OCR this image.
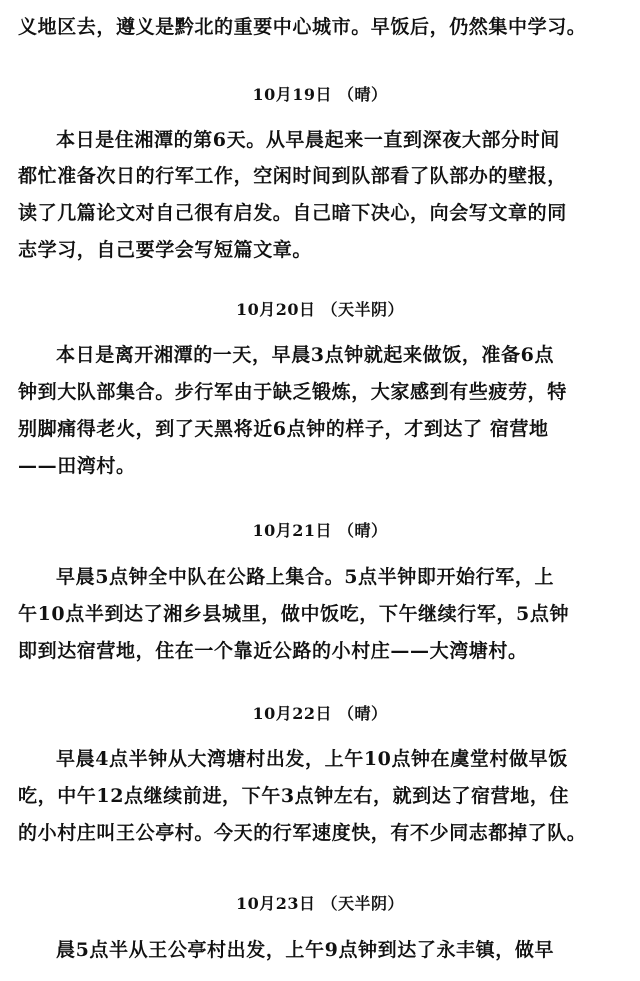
义地区去，遵义是黔北的重要中心城市。早饭后，仍然集中学习。
10月19日 （晴）
本日是住湘潭的第6天。从早晨起来一直到深夜大部分时间
都忙准备次日的行军工作，空闲时间到队部看了队部办的壁报，
读了几篇论文对自己很有启发。自己暗下决心，向会写文章的同
志学习，自己要学会写短篇文章。
10月20日 （天半阴）
本日是离开湘潭的一天，早晨3点钟就起来做饭，准备6点
钟到大队部集合。步行军由于缺乏锻炼，大家感到有些疲劳，特
别脚痛得老火，到了天黑将近6点钟的样子，才到达了 宿营地
——田湾村。
10月21日 （晴）
早晨5点钟全中队在公路上集合。5点半钟即开始行军，上
午10点半到达了湘乡县城里，做中饭吃，下午继续行军，5点钟
即到达宿营地，住在一个靠近公路的小村庄——大湾塘村。
10月22日 （晴）
早晨4点半钟从大湾塘村出发，上午10点钟在虞堂村做早饭
吃，中午12点继续前进，下午3点钟左右，就到达了宿营地，住
的小村庄叫王公亭村。今天的行军速度快，有不少同志都掉了队。
10月23日 （天半阴）
晨5点半从王公亭村出发，上午9点钟到达了永丰镇，做早
